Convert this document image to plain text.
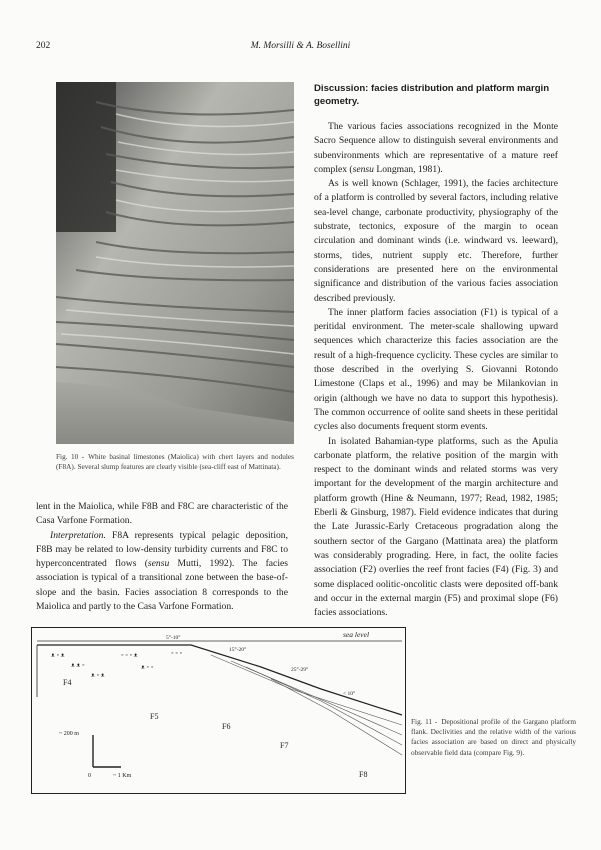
202	M. Morsilli & A. Bosellini
Fig. 10 - White basinal limestones (Maiolica) with chert layers and nodules (F8A). Several slump features are clearly visible (sea-cliff east of Mattinata).

lent in the Maiolica, while F8B and F8C are characteristic of the Casa Varfone Formation.

Interpretation. F8A represents typical pelagic deposition, F8B may be related to low-density turbidity currents and F8C to hyperconcentrated flows (sensu Mutti, 1992). The facies association is typical of a transitional zone between the base-of-slope and the basin. Facies association 8 corresponds to the Maiolica and partly to the Casa Varfone Formation.

Discussion: facies distribution and platform margin geometry.

The various facies associations recognized in the Monte Sacro Sequence allow to distinguish several environments and subenvironments which are representative of a mature reef complex (sensu Longman, 1981).

As is well known (Schlager, 1991), the facies architecture of a platform is controlled by several factors, including relative sea-level change, carbonate productivity, physiography of the substrate, tectonics, exposure of the margin to ocean circulation and dominant winds (i.e. windward vs. leeward), storms, tides, nutrient supply etc. Therefore, further considerations are presented here on the environmental significance and distribution of the various facies association described previously.

The inner platform facies association (F1) is typical of a peritidal environment. The meter-scale shallowing upward sequences which characterize this facies association are the result of a high-frequence cyclicity. These cycles are similar to those described in the overlying S. Giovanni Rotondo Limestone (Claps et al., 1996) and may be Milankovian in origin (although we have no data to support this hypothesis). The common occurrence of oolite sand sheets in these peritidal cycles also documents frequent storm events.

In isolated Bahamian-type platforms, such as the Apulia carbonate platform, the relative position of the margin with respect to the dominant winds and related storms was very important for the development of the margin architecture and platform growth (Hine & Neumann, 1977; Read, 1982, 1985; Eberli & Ginsburg, 1987). Field evidence indicates that during the Late Jurassic-Early Cretaceous progradation along the southern sector of the Gargano (Mattinata area) the platform was considerably prograding. Here, in fact, the oolite facies association (F2) overlies the reef front facies (F4) (Fig. 3) and some displaced oolitic-oncolitic clasts were deposited off-bank and occur in the external margin (F5) and proximal slope (F6) facies associations.

sea level
ᴥ ◦ ᴥ
ᴥ ᴥ ◦
ᴥ ◦ ᴥ
◦ ◦ ◦ ᴥ
ᴥ ◦ ◦
◦ ◦ ◦
5°-10°
15°-20°
25°-29°
< 10°
F4
F5
F6
F7
F8
~ 200 m
0	~ 1 Km
Fig. 11 - Depositional profile of the Gargano platform flank. Declivities and the relative width of the various facies association are based on direct and physically observable field data (compare Fig. 9).
